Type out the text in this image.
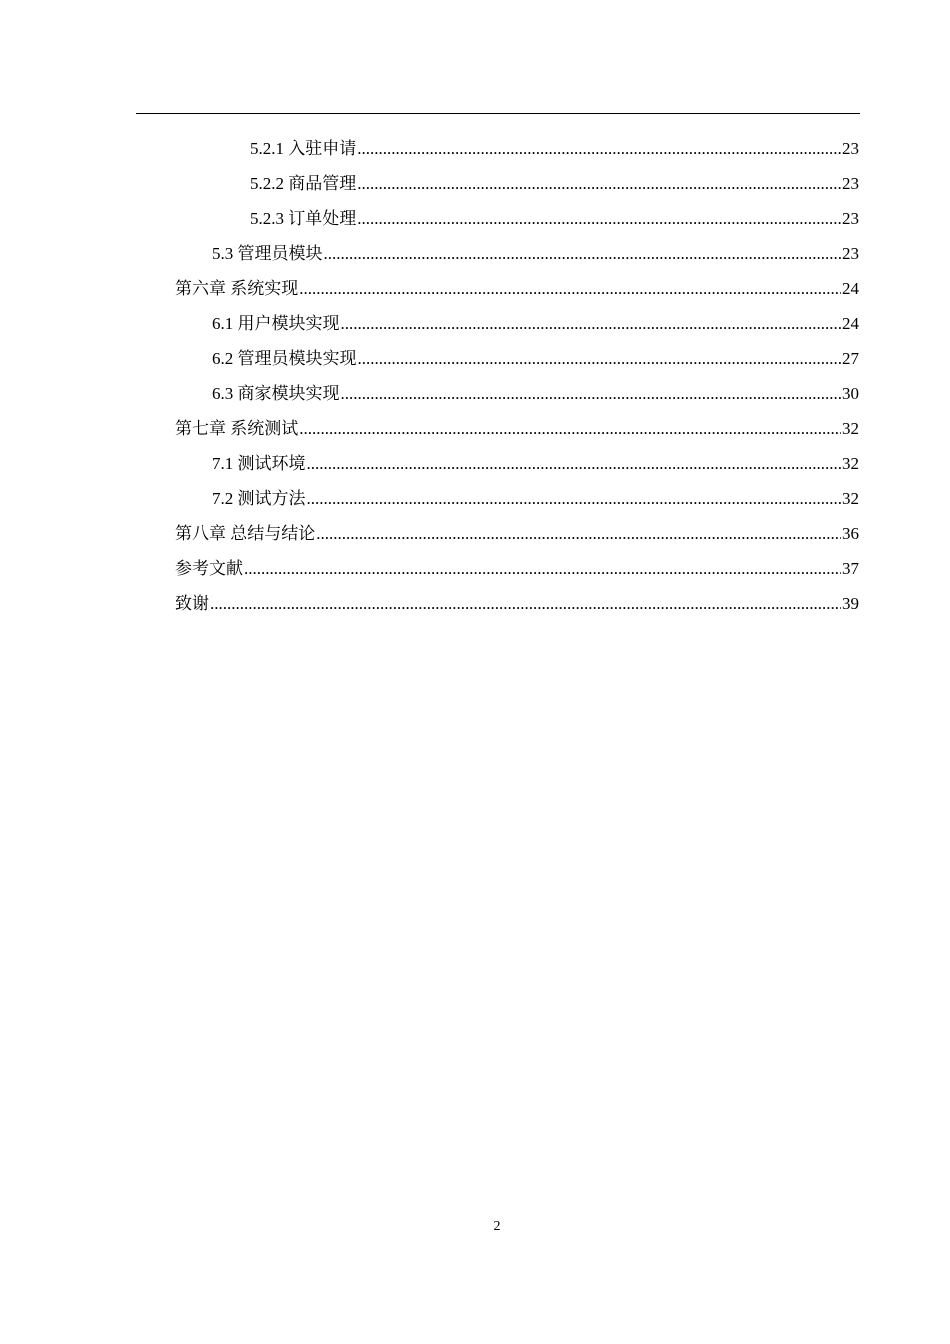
5.2.1 入驻申请 .....	23
5.2.2 商品管理 .....	23
5.2.3 订单处理 .....	23
5.3 管理员模块 .....	23
第六章 系统实现 .....	24
6.1 用户模块实现 .....	24
6.2 管理员模块实现 .....	27
6.3 商家模块实现 .....	30
第七章 系统测试 .....	32
7.1 测试环境 .....	32
7.2 测试方法 .....	32
第八章 总结与结论 .....	36
参考文献 .....	37
致谢 .....	39
2
